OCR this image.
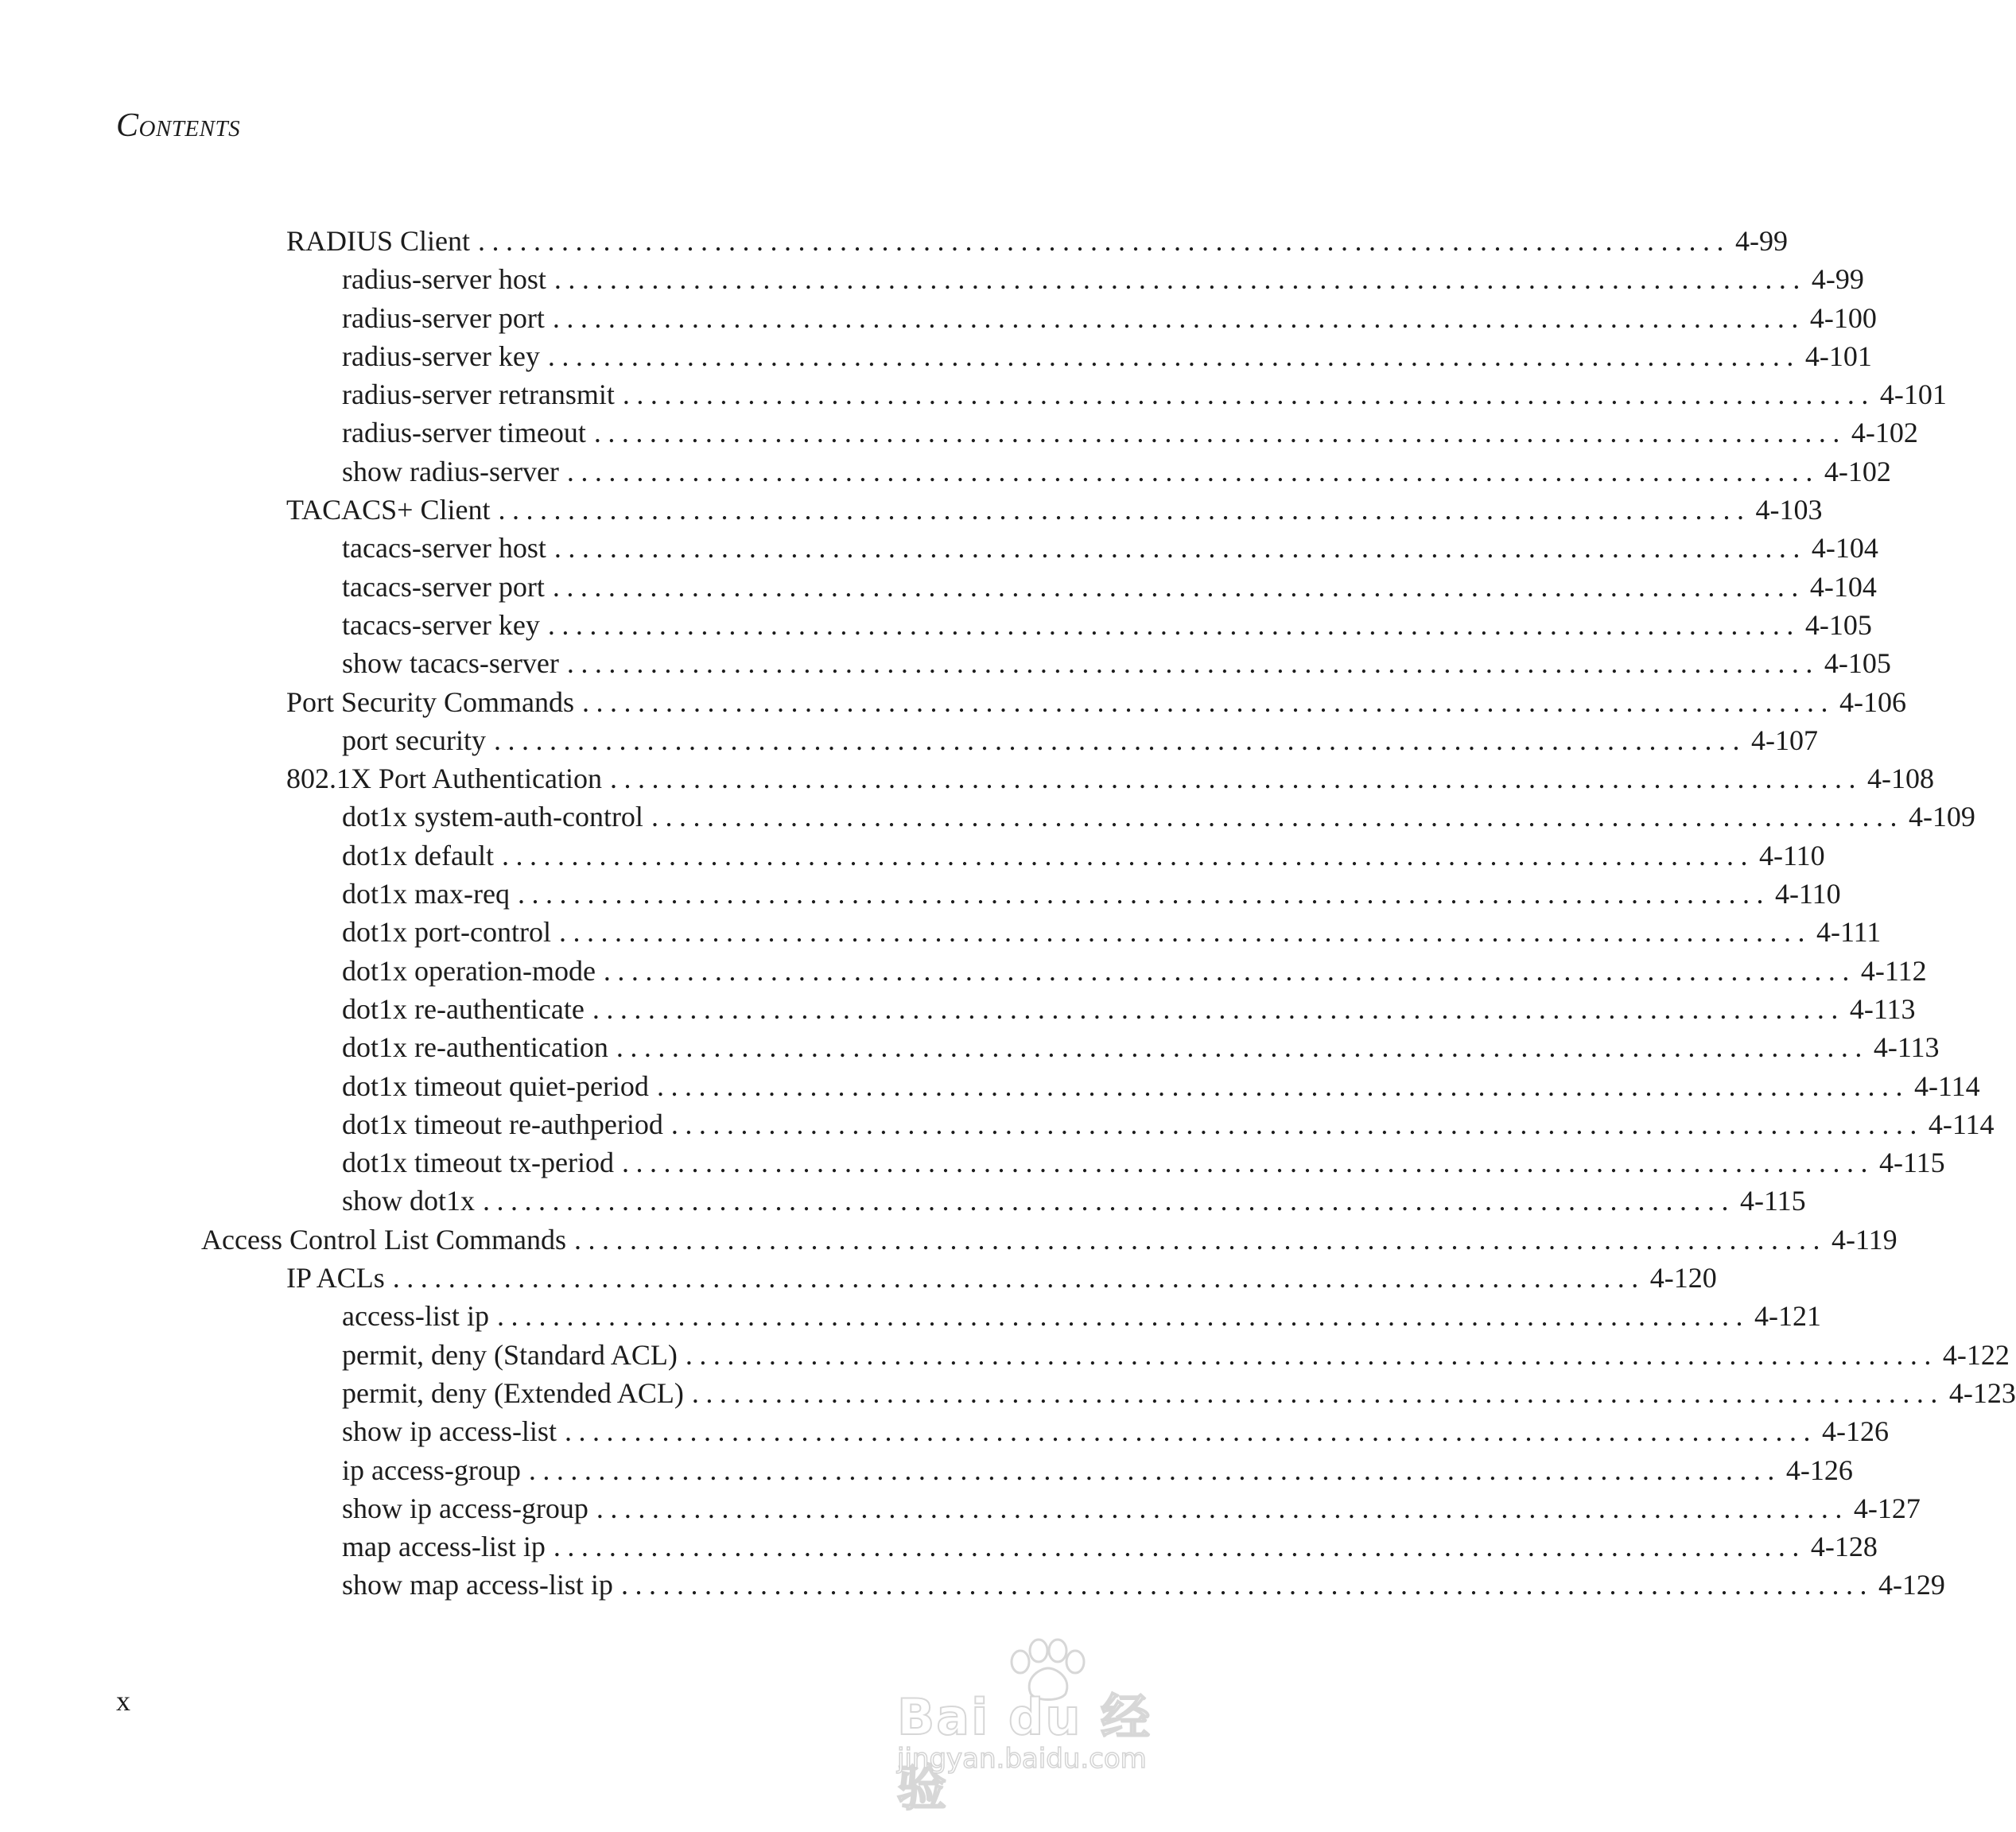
Contents
RADIUS Client .......................................................................................... 4-99
radius-server host .......................................................................................... 4-99
radius-server port .......................................................................................... 4-100
radius-server key .......................................................................................... 4-101
radius-server retransmit .......................................................................................... 4-101
radius-server timeout .......................................................................................... 4-102
show radius-server .......................................................................................... 4-102
TACACS+ Client .......................................................................................... 4-103
tacacs-server host .......................................................................................... 4-104
tacacs-server port .......................................................................................... 4-104
tacacs-server key .......................................................................................... 4-105
show tacacs-server .......................................................................................... 4-105
Port Security Commands .......................................................................................... 4-106
port security .......................................................................................... 4-107
802.1X Port Authentication .......................................................................................... 4-108
dot1x system-auth-control .......................................................................................... 4-109
dot1x default .......................................................................................... 4-110
dot1x max-req .......................................................................................... 4-110
dot1x port-control .......................................................................................... 4-111
dot1x operation-mode .......................................................................................... 4-112
dot1x re-authenticate .......................................................................................... 4-113
dot1x re-authentication .......................................................................................... 4-113
dot1x timeout quiet-period .......................................................................................... 4-114
dot1x timeout re-authperiod .......................................................................................... 4-114
dot1x timeout tx-period .......................................................................................... 4-115
show dot1x .......................................................................................... 4-115
Access Control List Commands .......................................................................................... 4-119
IP ACLs .......................................................................................... 4-120
access-list ip .......................................................................................... 4-121
permit, deny (Standard ACL) .......................................................................................... 4-122
permit, deny (Extended ACL) .......................................................................................... 4-123
show ip access-list .......................................................................................... 4-126
ip access-group .......................................................................................... 4-126
show ip access-group .......................................................................................... 4-127
map access-list ip .......................................................................................... 4-128
show map access-list ip .......................................................................................... 4-129
x	Bai du 经验
jingyan.baidu.com
